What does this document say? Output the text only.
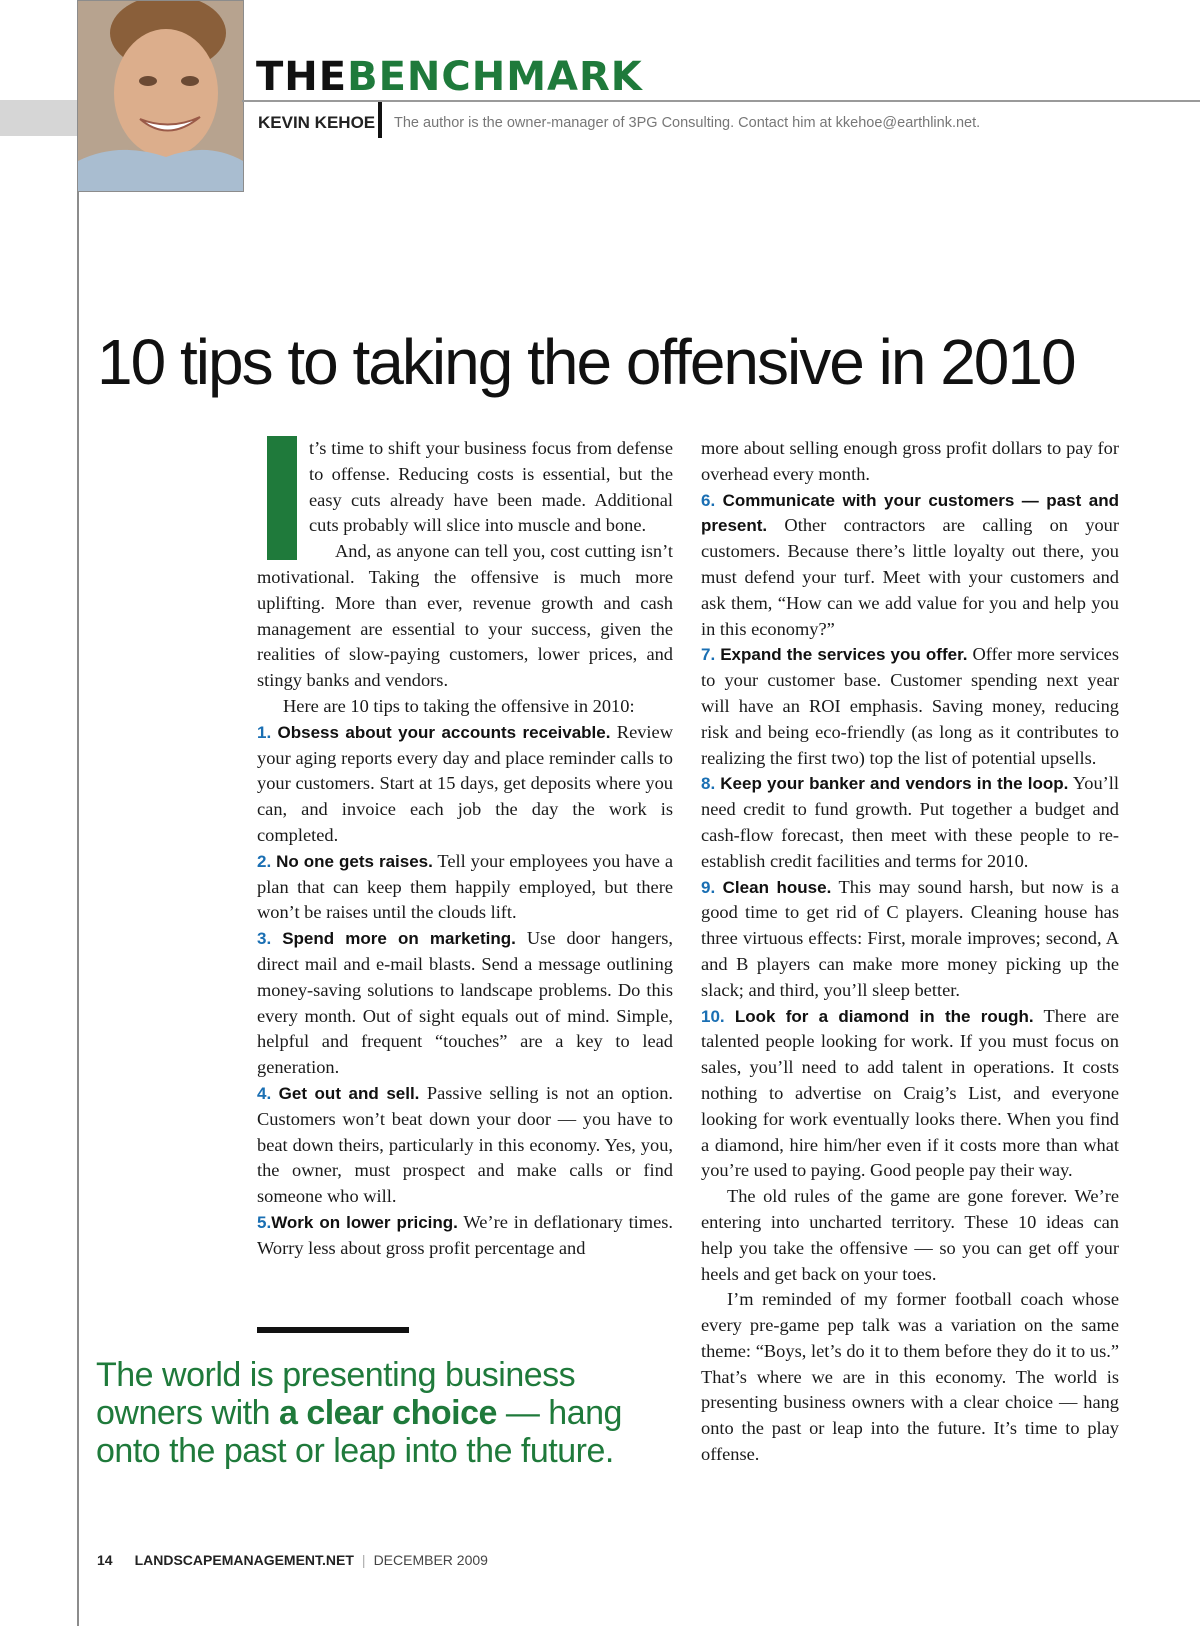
THEBENCHMARK
KEVIN KEHOE The author is the owner-manager of 3PG Consulting. Contact him at kkehoe@earthlink.net.
10 tips to taking the offensive in 2010

t’s time to shift your business focus from defense to offense. Reducing costs is essential, but the easy cuts already have been made. Additional cuts probably will slice into muscle and bone.

And, as anyone can tell you, cost cutting isn’t motivational. Taking the offensive is much more uplifting. More than ever, revenue growth and cash management are essential to your success, given the realities of slow-paying customers, lower prices, and stingy banks and vendors.

Here are 10 tips to taking the offensive in 2010:

1. Obsess about your accounts receivable. Review your aging reports every day and place reminder calls to your customers. Start at 15 days, get deposits where you can, and invoice each job the day the work is completed.

2. No one gets raises. Tell your employees you have a plan that can keep them happily employed, but there won’t be raises until the clouds lift.

3. Spend more on marketing. Use door hangers, direct mail and e-mail blasts. Send a message outlining money-saving solutions to landscape problems. Do this every month. Out of sight equals out of mind. Simple, helpful and frequent “touches” are a key to lead generation.

4. Get out and sell. Passive selling is not an option. Customers won’t beat down your door — you have to beat down theirs, particularly in this economy. Yes, you, the owner, must prospect and make calls or find someone who will.

5.Work on lower pricing. We’re in deflationary times. Worry less about gross profit percentage and

more about selling enough gross profit dollars to pay for overhead every month.

6. Communicate with your customers — past and present. Other contractors are calling on your customers. Because there’s little loyalty out there, you must defend your turf. Meet with your customers and ask them, “How can we add value for you and help you in this economy?”

7. Expand the services you offer. Offer more services to your customer base. Customer spending next year will have an ROI emphasis. Saving money, reducing risk and being eco-friendly (as long as it contributes to realizing the first two) top the list of potential upsells.

8. Keep your banker and vendors in the loop. You’ll need credit to fund growth. Put together a budget and cash-flow forecast, then meet with these people to re-establish credit facilities and terms for 2010.

9. Clean house. This may sound harsh, but now is a good time to get rid of C players. Cleaning house has three virtuous effects: First, morale improves; second, A and B players can make more money picking up the slack; and third, you’ll sleep better.

10. Look for a diamond in the rough. There are talented people looking for work. If you must focus on sales, you’ll need to add talent in operations. It costs nothing to advertise on Craig’s List, and everyone looking for work eventually looks there. When you find a diamond, hire him/her even if it costs more than what you’re used to paying. Good people pay their way.

The old rules of the game are gone forever. We’re entering into uncharted territory. These 10 ideas can help you take the offensive — so you can get off your heels and get back on your toes.

I’m reminded of my former football coach whose every pre-game pep talk was a variation on the same theme: “Boys, let’s do it to them before they do it to us.” That’s where we are in this economy. The world is presenting business owners with a clear choice — hang onto the past or leap into the future. It’s time to play offense.

The world is presenting business owners with a clear choice — hang onto the past or leap into the future.

14 LANDSCAPEMANAGEMENT.NET | DECEMBER 2009
